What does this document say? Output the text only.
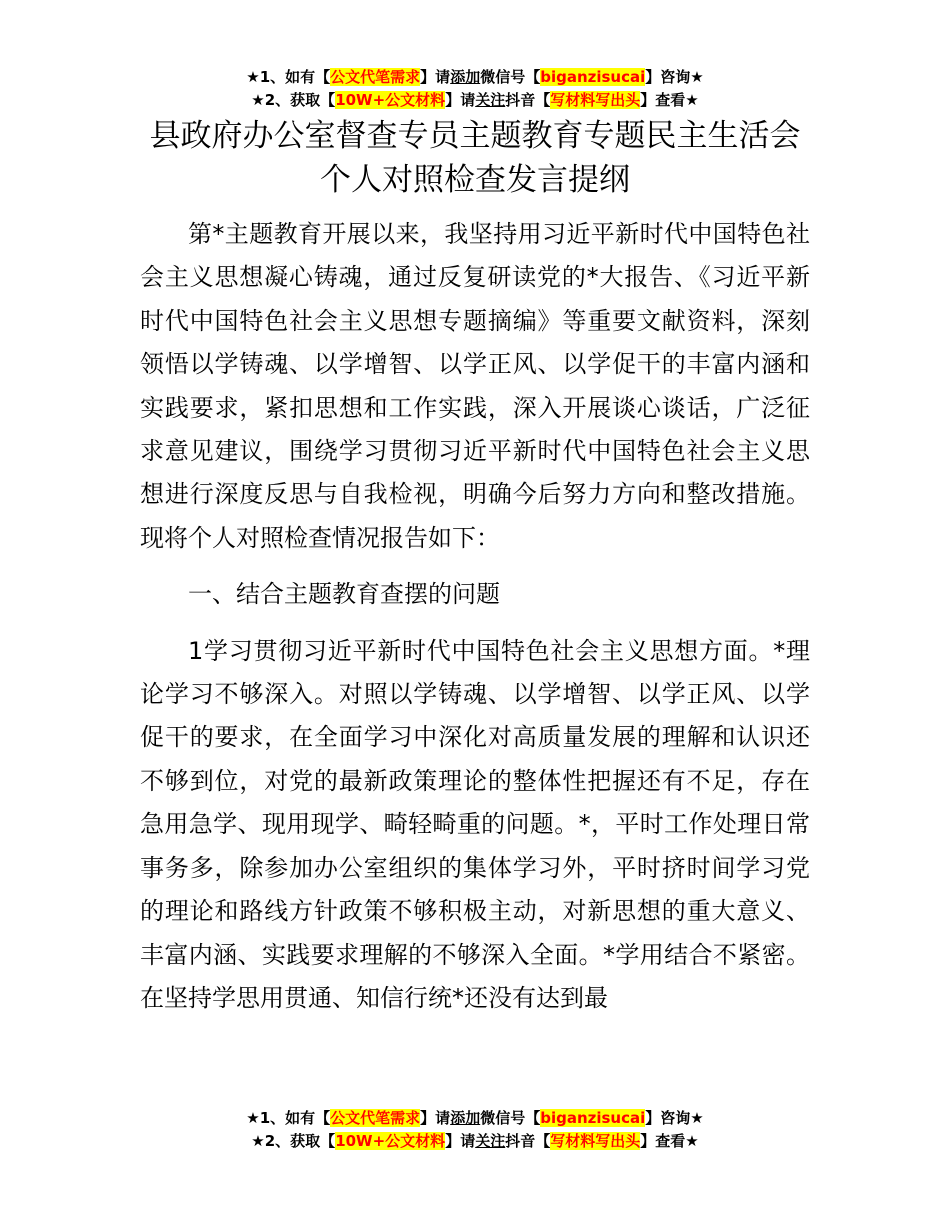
★1、如有【公文代笔需求】请添加微信号【biganzisucai】咨询★
★2、获取【10W+公文材料】请关注抖音【写材料写出头】查看★
县政府办公室督查专员主题教育专题民主生活会个人对照检查发言提纲

第*主题教育开展以来，我坚持用习近平新时代中国特色社会主义思想凝心铸魂，通过反复研读党的*大报告、《习近平新时代中国特色社会主义思想专题摘编》等重要文献资料，深刻领悟以学铸魂、以学增智、以学正风、以学促干的丰富内涵和实践要求，紧扣思想和工作实践，深入开展谈心谈话，广泛征求意见建议，围绕学习贯彻习近平新时代中国特色社会主义思想进行深度反思与自我检视，明确今后努力方向和整改措施。现将个人对照检查情况报告如下：

一、结合主题教育查摆的问题

1学习贯彻习近平新时代中国特色社会主义思想方面。*理论学习不够深入。对照以学铸魂、以学增智、以学正风、以学促干的要求，在全面学习中深化对高质量发展的理解和认识还不够到位，对党的最新政策理论的整体性把握还有不足，存在急用急学、现用现学、畸轻畸重的问题。*，平时工作处理日常事务多，除参加办公室组织的集体学习外，平时挤时间学习党的理论和路线方针政策不够积极主动，对新思想的重大意义、丰富内涵、实践要求理解的不够深入全面。*学用结合不紧密。在坚持学思用贯通、知信行统*还没有达到最

★1、如有【公文代笔需求】请添加微信号【biganzisucai】咨询★
★2、获取【10W+公文材料】请关注抖音【写材料写出头】查看★
